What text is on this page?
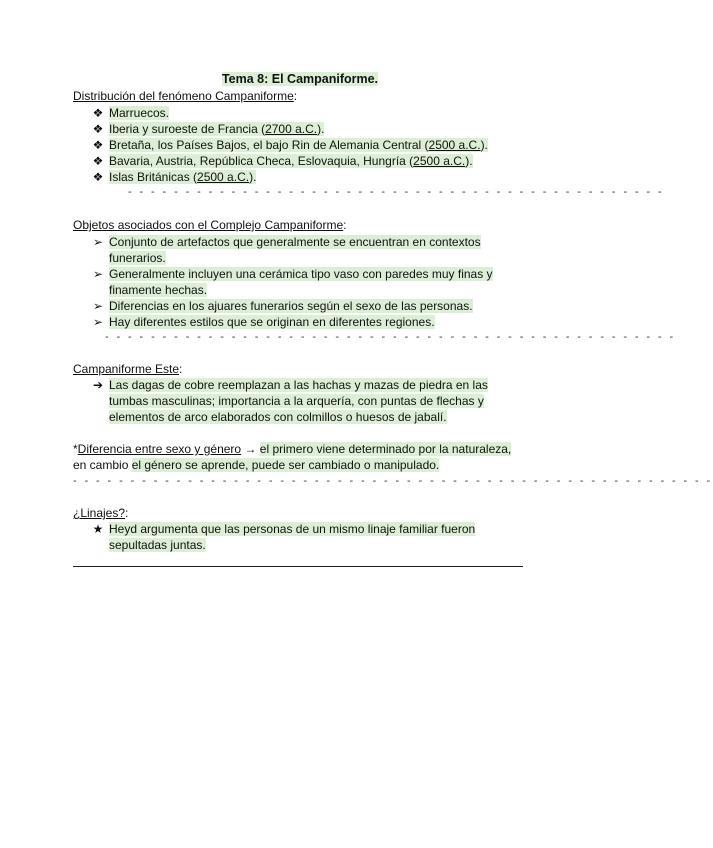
Tema 8: El Campaniforme.
Distribución del fenómeno Campaniforme:
❖ Marruecos.
❖ Iberia y suroeste de Francia (2700 a.C.).
❖ Bretaña, los Países Bajos, el bajo Rin de Alemania Central (2500 a.C.).
❖ Bavaria, Austria, República Checa, Eslovaquia, Hungría (2500 a.C.).
❖ Islas Británicas (2500 a.C.).
- - - - - - - - - - - - - - - - - - - - - - - - - - - - - - - - - - - - - - - - - - - - - - -
Objetos asociados con el Complejo Campaniforme:
➢ Conjunto de artefactos que generalmente se encuentran en contextos
funerarios.
➢ Generalmente incluyen una cerámica tipo vaso con paredes muy finas y
finamente hechas.
➢ Diferencias en los ajuares funerarios según el sexo de las personas.
➢ Hay diferentes estilos que se originan en diferentes regiones.
- - - - - - - - - - - - - - - - - - - - - - - - - - - - - - - - - - - - - - - - - - - - - - - - - -
Campaniforme Este:
➔ Las dagas de cobre reemplazan a las hachas y mazas de piedra en las
tumbas masculinas; importancia a la arquería, con puntas de flechas y
elementos de arco elaborados con colmillos o huesos de jabalí.
*Diferencia entre sexo y género → el primero viene determinado por la naturaleza,
en cambio el género se aprende, puede ser cambiado o manipulado.
- - - - - - - - - - - - - - - - - - - - - - - - - - - - - - - - - - - - - - - - - - - - - - - - - - - - - - - -
¿Linajes?:
★ Heyd argumenta que las personas de un mismo linaje familiar fueron
sepultadas juntas.
